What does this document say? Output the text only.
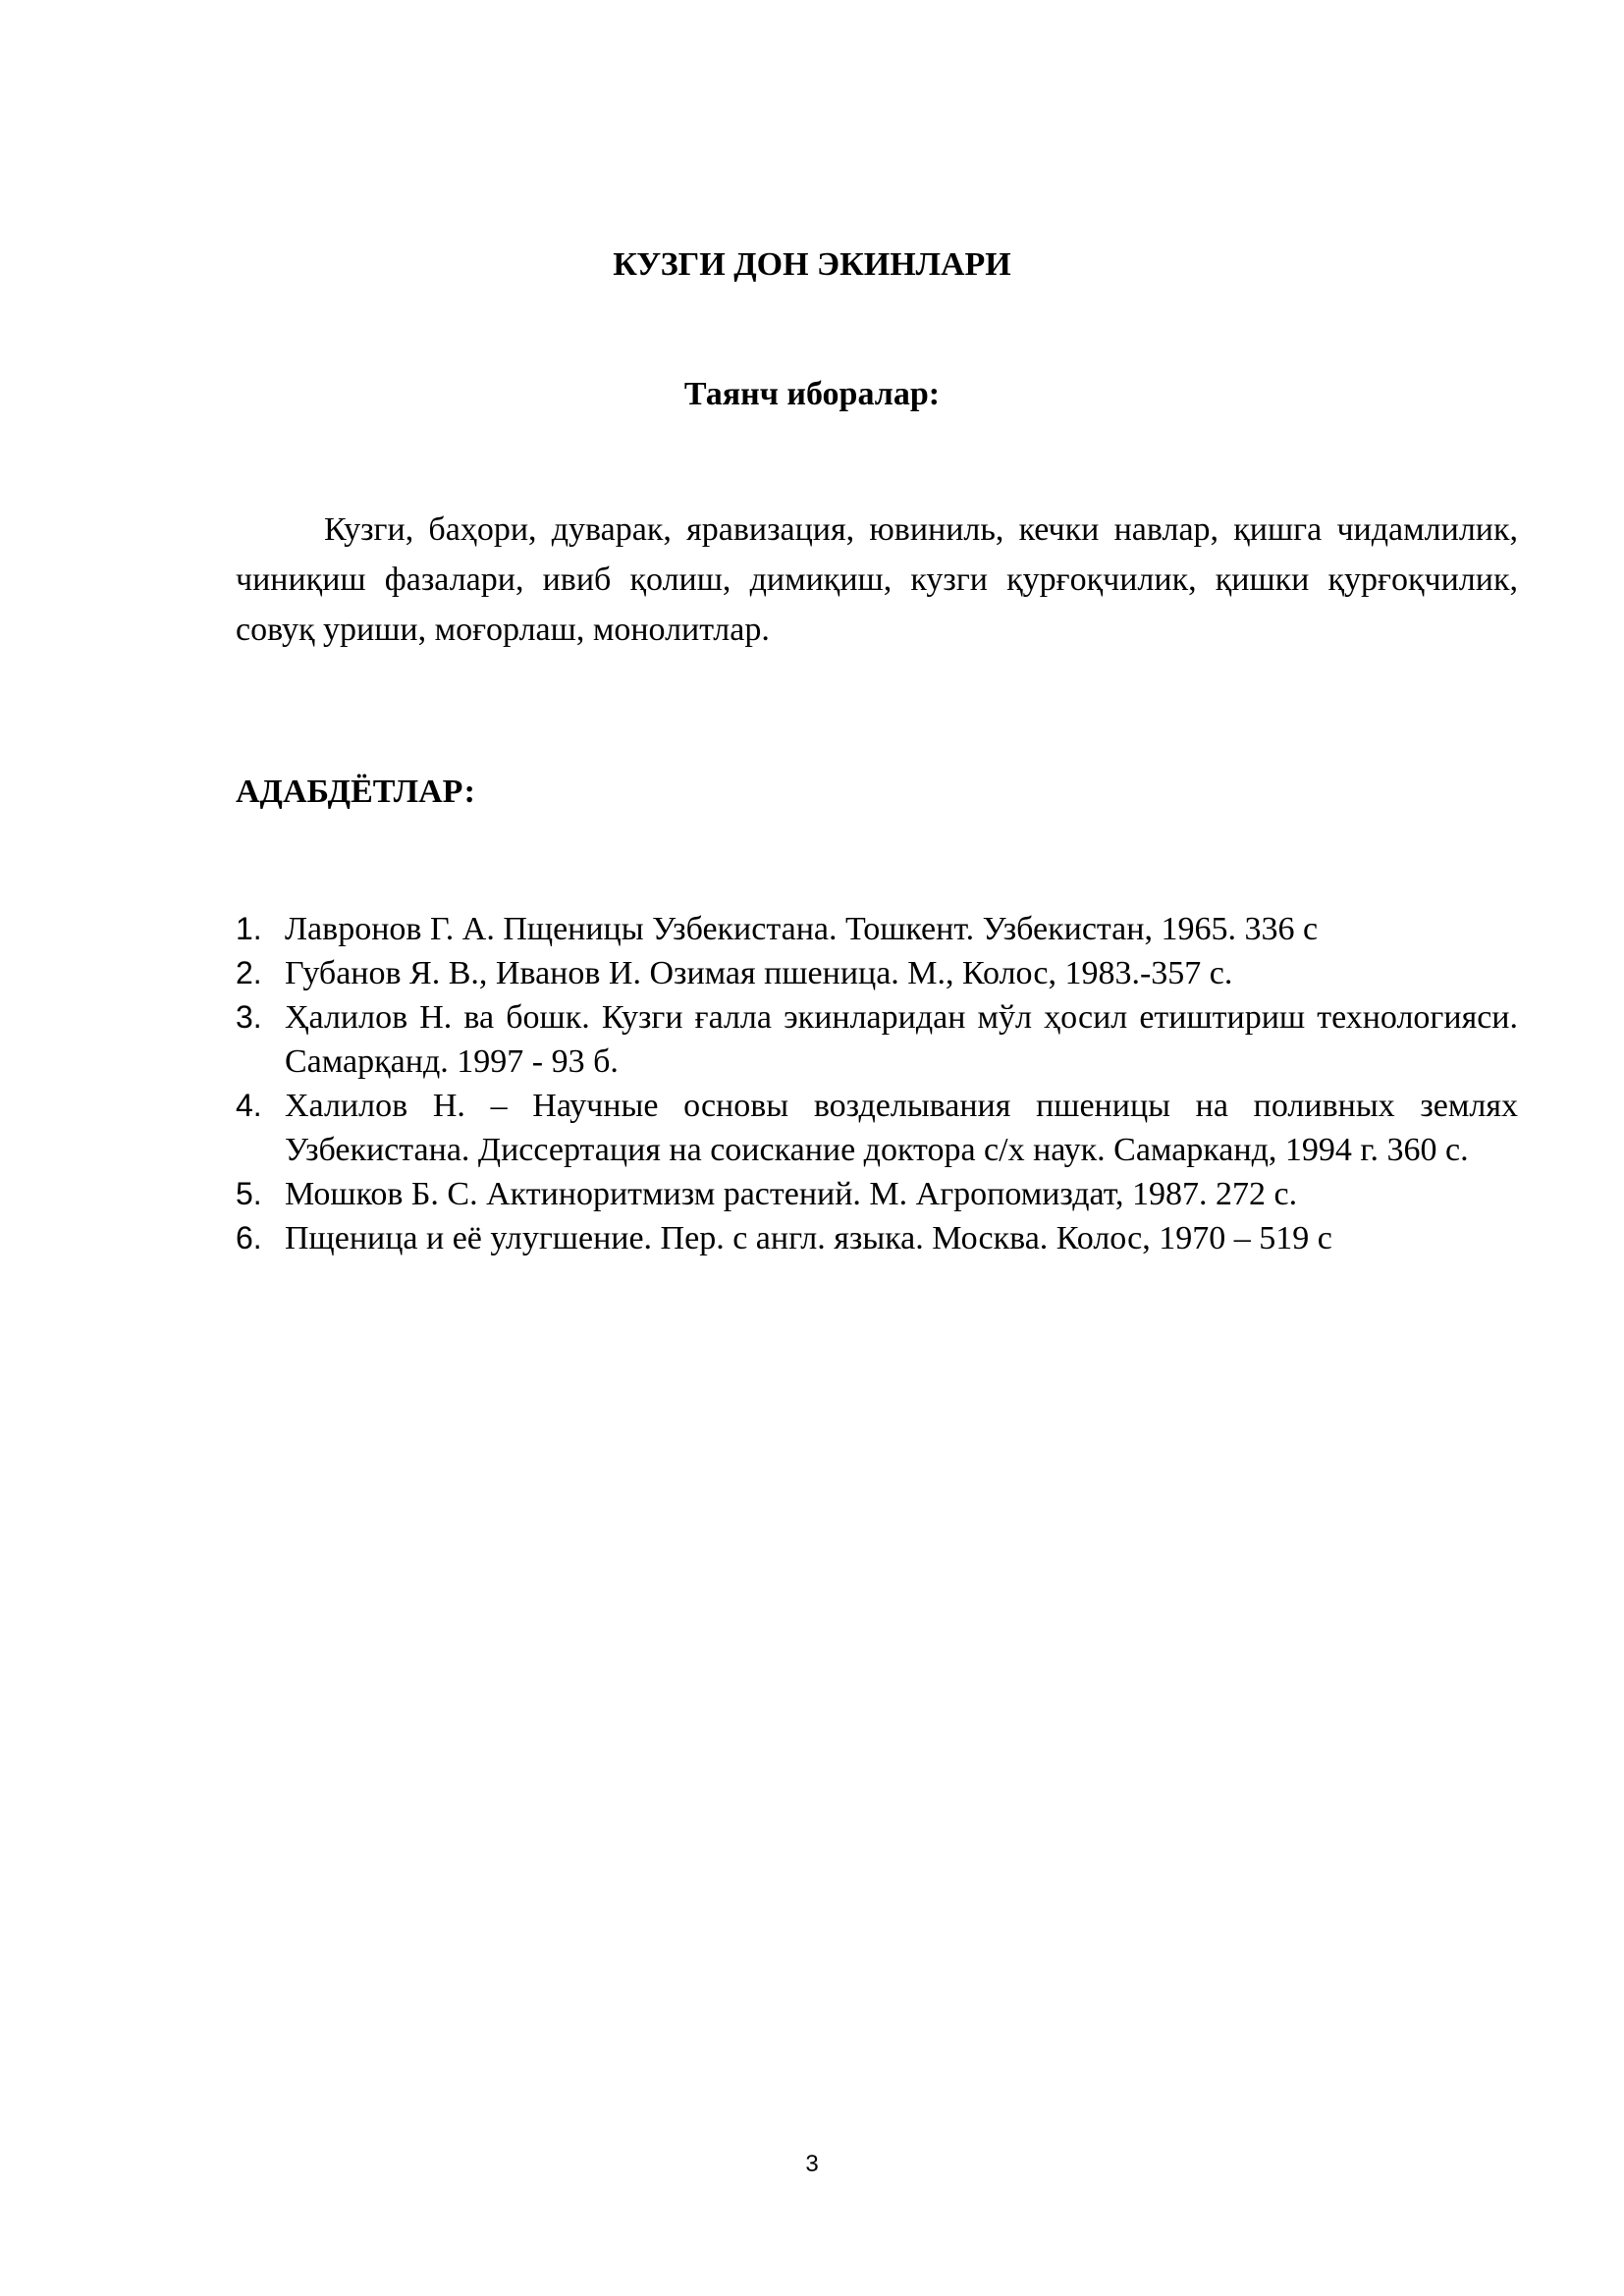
КУЗГИ ДОН ЭКИНЛАРИ
Таянч иборалар:

Кузги, баҳори, дуварак, яравизация, ювиниль, кечки навлар, қишга чидамлилик, чиниқиш фазалари, ивиб қолиш, димиқиш, кузги қурғоқчилик, қишки қурғоқчилик, совуқ уриши, моғорлаш, монолитлар.

АДАБДЁТЛАР:
1. Лавронов Г. А. Пщеницы Узбекистана. Тошкент. Узбекистан, 1965. 336 с
2. Губанов Я. В., Иванов И. Озимая пшеница. М., Колос, 1983.-357 с.
3. Ҳалилов Н. ва бошк. Кузги ғалла экинларидан мўл ҳосил етиштириш технологияси. Самарқанд. 1997 - 93 б.
4. Халилов Н. – Научные основы возделывания пшеницы на поливных землях Узбекистана. Диссертация на соискание доктора с/х наук. Самарканд, 1994 г. 360 с.
5. Мошков Б. С. Актиноритмизм растений. М. Агропомиздат, 1987. 272 с.
6. Пщеница и её улугшение. Пер. с англ. языка. Москва. Колос, 1970 – 519 с
3
